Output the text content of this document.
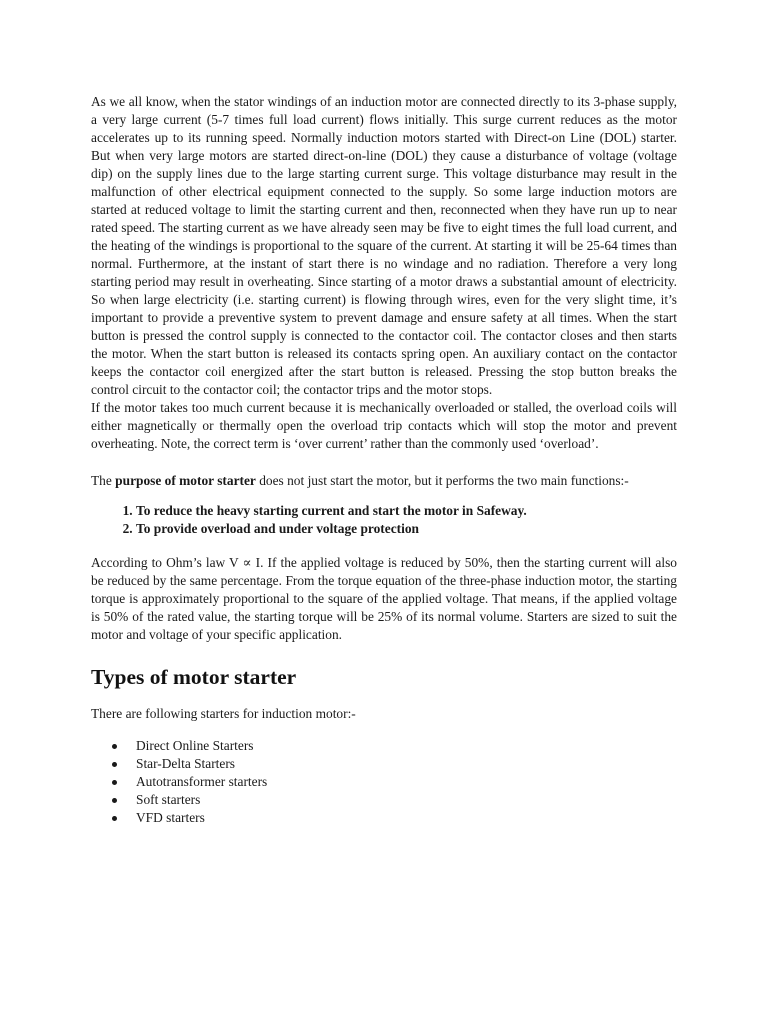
As we all know, when the stator windings of an induction motor are connected directly to its 3-phase supply, a very large current (5-7 times full load current) flows initially. This surge current reduces as the motor accelerates up to its running speed. Normally induction motors started with Direct-on Line (DOL) starter. But when very large motors are started direct-on-line (DOL) they cause a disturbance of voltage (voltage dip) on the supply lines due to the large starting current surge. This voltage disturbance may result in the malfunction of other electrical equipment connected to the supply. So some large induction motors are started at reduced voltage to limit the starting current and then, reconnected when they have run up to near rated speed. The starting current as we have already seen may be five to eight times the full load current, and the heating of the windings is proportional to the square of the current. At starting it will be 25-64 times than normal. Furthermore, at the instant of start there is no windage and no radiation. Therefore a very long starting period may result in overheating. Since starting of a motor draws a substantial amount of electricity. So when large electricity (i.e. starting current) is flowing through wires, even for the very slight time, it’s important to provide a preventive system to prevent damage and ensure safety at all times. When the start button is pressed the control supply is connected to the contactor coil. The contactor closes and then starts the motor. When the start button is released its contacts spring open. An auxiliary contact on the contactor keeps the contactor coil energized after the start button is released. Pressing the stop button breaks the control circuit to the contactor coil; the contactor trips and the motor stops.
If the motor takes too much current because it is mechanically overloaded or stalled, the overload coils will either magnetically or thermally open the overload trip contacts which will stop the motor and prevent overheating. Note, the correct term is ‘over current’ rather than the commonly used ‘overload’.

The purpose of motor starter does not just start the motor, but it performs the two main functions:-

1. To reduce the heavy starting current and start the motor in Safeway.
2. To provide overload and under voltage protection

According to Ohm’s law V ∝ I. If the applied voltage is reduced by 50%, then the starting current will also be reduced by the same percentage. From the torque equation of the three-phase induction motor, the starting torque is approximately proportional to the square of the applied voltage. That means, if the applied voltage is 50% of the rated value, the starting torque will be 25% of its normal volume. Starters are sized to suit the motor and voltage of your specific application.

Types of motor starter

There are following starters for induction motor:-

Direct Online Starters
Star-Delta Starters
Autotransformer starters
Soft starters
VFD starters
